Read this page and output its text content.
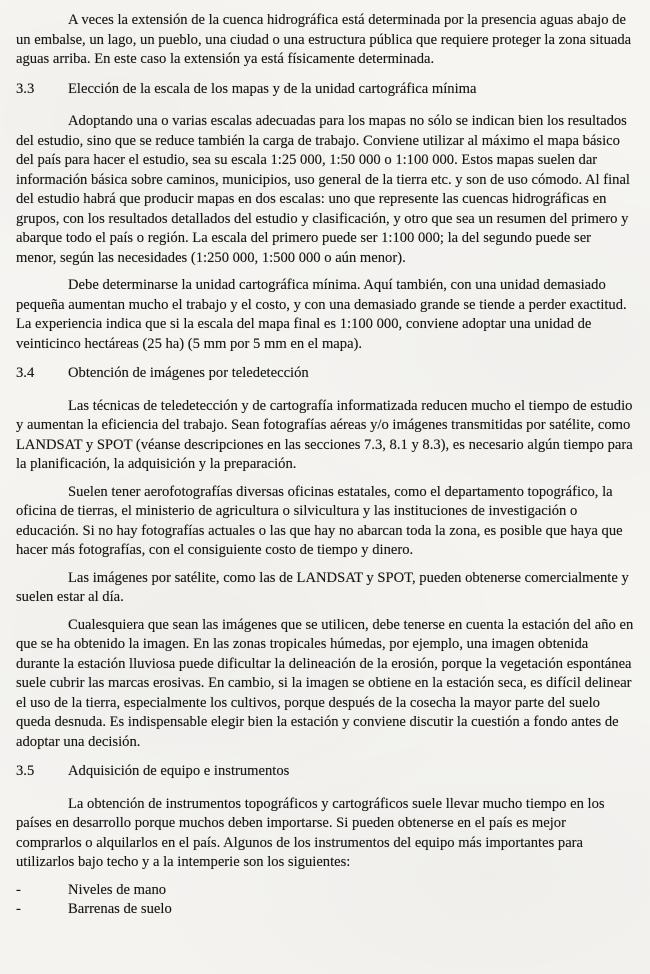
A veces la extensión de la cuenca hidrográfica está determinada por la presencia aguas abajo de un embalse, un lago, un pueblo, una ciudad o una estructura pública que requiere proteger la zona situada aguas arriba. En este caso la extensión ya está físicamente determinada.

3.3	Elección de la escala de los mapas y de la unidad cartográfica mínima

Adoptando una o varias escalas adecuadas para los mapas no sólo se indican bien los resultados del estudio, sino que se reduce también la carga de trabajo. Conviene utilizar al máximo el mapa básico del país para hacer el estudio, sea su escala 1:25 000, 1:50 000 o 1:100 000. Estos mapas suelen dar información básica sobre caminos, municipios, uso general de la tierra etc. y son de uso cómodo. Al final del estudio habrá que producir mapas en dos escalas: uno que represente las cuencas hidrográficas en grupos, con los resultados detallados del estudio y clasificación, y otro que sea un resumen del primero y abarque todo el país o región. La escala del primero puede ser 1:100 000; la del segundo puede ser menor, según las necesidades (1:250 000, 1:500 000 o aún menor).

Debe determinarse la unidad cartográfica mínima. Aquí también, con una unidad demasiado pequeña aumentan mucho el trabajo y el costo, y con una demasiado grande se tiende a perder exactitud. La experiencia indica que si la escala del mapa final es 1:100 000, conviene adoptar una unidad de veinticinco hectáreas (25 ha) (5 mm por 5 mm en el mapa).

3.4	Obtención de imágenes por teledetección

Las técnicas de teledetección y de cartografía informatizada reducen mucho el tiempo de estudio y aumentan la eficiencia del trabajo. Sean fotografías aéreas y/o imágenes transmitidas por satélite, como LANDSAT y SPOT (véanse descripciones en las secciones 7.3, 8.1 y 8.3), es necesario algún tiempo para la planificación, la adquisición y la preparación.

Suelen tener aerofotografías diversas oficinas estatales, como el departamento topográfico, la oficina de tierras, el ministerio de agricultura o silvicultura y las instituciones de investigación o educación. Si no hay fotografías actuales o las que hay no abarcan toda la zona, es posible que haya que hacer más fotografías, con el consiguiente costo de tiempo y dinero.

Las imágenes por satélite, como las de LANDSAT y SPOT, pueden obtenerse comercialmente y suelen estar al día.

Cualesquiera que sean las imágenes que se utilicen, debe tenerse en cuenta la estación del año en que se ha obtenido la imagen. En las zonas tropicales húmedas, por ejemplo, una imagen obtenida durante la estación lluviosa puede dificultar la delineación de la erosión, porque la vegetación espontánea suele cubrir las marcas erosivas. En cambio, si la imagen se obtiene en la estación seca, es difícil delinear el uso de la tierra, especialmente los cultivos, porque después de la cosecha la mayor parte del suelo queda desnuda. Es indispensable elegir bien la estación y conviene discutir la cuestión a fondo antes de adoptar una decisión.

3.5	Adquisición de equipo e instrumentos

La obtención de instrumentos topográficos y cartográficos suele llevar mucho tiempo en los países en desarrollo porque muchos deben importarse. Si pueden obtenerse en el país es mejor comprarlos o alquilarlos en el país. Algunos de los instrumentos del equipo más importantes para utilizarlos bajo techo y a la intemperie son los siguientes:

-	Niveles de mano
-	Barrenas de suelo
